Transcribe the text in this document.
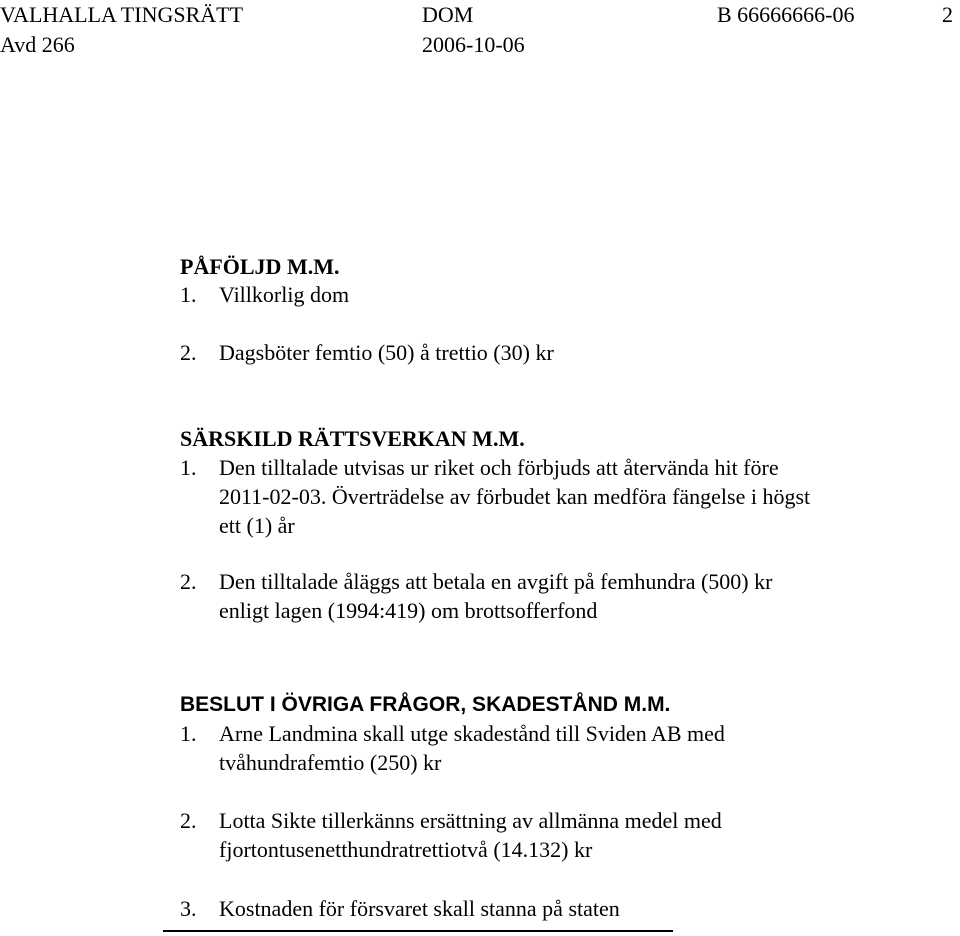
VALHALLA TINGSRÄTT	DOM	B 66666666-06	2
Avd 266	2006-10-06
PÅFÖLJD M.M.
1. Villkorlig dom
2. Dagsböter femtio (50) å trettio (30) kr
SÄRSKILD RÄTTSVERKAN M.M.
1. Den tilltalade utvisas ur riket och förbjuds att återvända hit före 2011-02-03. Överträdelse av förbudet kan medföra fängelse i högst ett (1) år
2. Den tilltalade åläggs att betala en avgift på femhundra (500) kr enligt lagen (1994:419) om brottsofferfond
BESLUT I ÖVRIGA FRÅGOR, SKADESTÅND M.M.
1. Arne Landmina skall utge skadestånd till Sviden AB med tvåhundrafemtio (250) kr
2. Lotta Sikte tillerkänns ersättning av allmänna medel med fjortontusenetthundratrettiotvå (14.132) kr
3. Kostnaden för försvaret skall stanna på staten
